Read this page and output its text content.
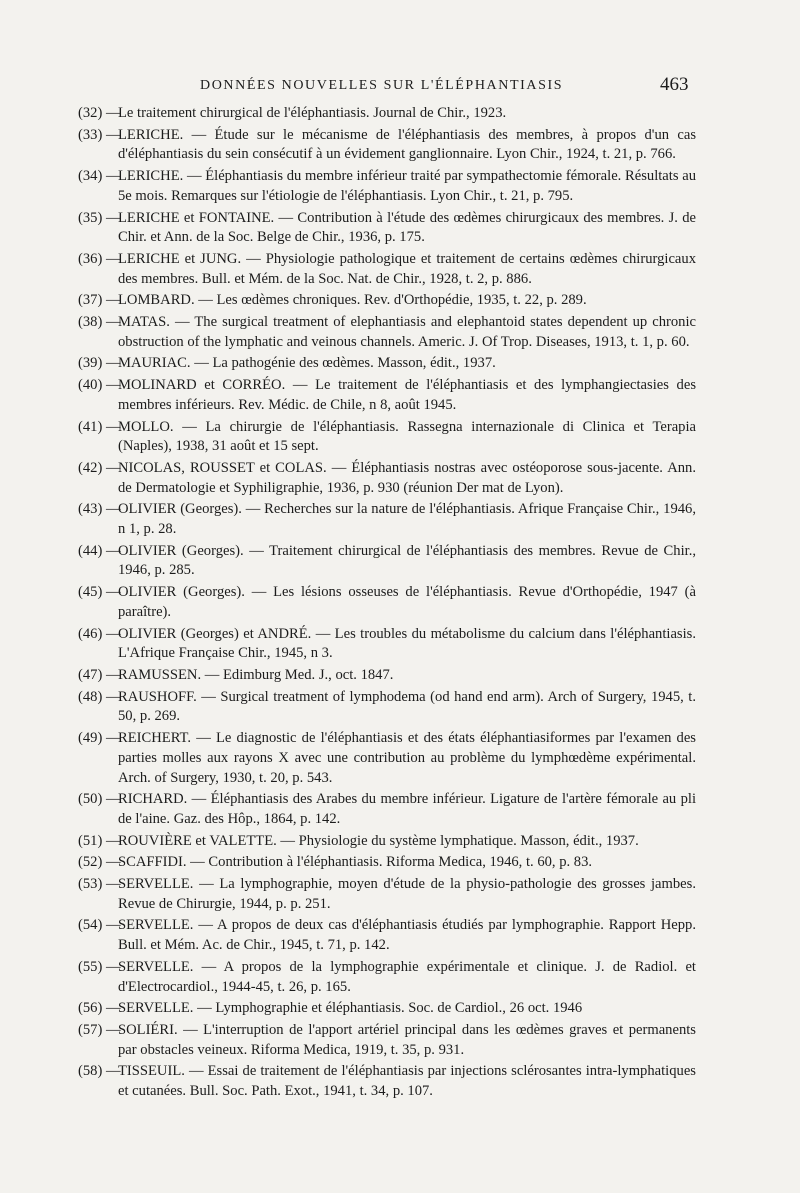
DONNÉES NOUVELLES SUR L'ÉLÉPHANTIASIS	463
(32) —
Le traitement chirurgical de l'éléphantiasis. Journal de Chir., 1923.
(33) —
LERICHE. — Étude sur le mécanisme de l'éléphantiasis des membres, à propos d'un cas d'éléphantiasis du sein consécutif à un évidement ganglionnaire. Lyon Chir., 1924, t. 21, p. 766.
(34) —
LERICHE. — Éléphantiasis du membre inférieur traité par sympathectomie fémorale. Résultats au 5e mois. Remarques sur l'étiologie de l'éléphantiasis. Lyon Chir., t. 21, p. 795.
(35) —
LERICHE et FONTAINE. — Contribution à l'étude des œdèmes chirurgicaux des membres. J. de Chir. et Ann. de la Soc. Belge de Chir., 1936, p. 175.
(36) —
LERICHE et JUNG. — Physiologie pathologique et traitement de certains œdèmes chirurgicaux des membres. Bull. et Mém. de la Soc. Nat. de Chir., 1928, t. 2, p. 886.
(37) —
LOMBARD. — Les œdèmes chroniques. Rev. d'Orthopédie, 1935, t. 22, p. 289.
(38) —
MATAS. — The surgical treatment of elephantiasis and elephantoid states dependent up chronic obstruction of the lymphatic and veinous channels. Americ. J. Of Trop. Diseases, 1913, t. 1, p. 60.
(39) —
MAURIAC. — La pathogénie des œdèmes. Masson, édit., 1937.
(40) —
MOLINARD et CORRÉO. — Le traitement de l'éléphantiasis et des lymphangiectasies des membres inférieurs. Rev. Médic. de Chile, n 8, août 1945.
(41) —
MOLLO. — La chirurgie de l'éléphantiasis. Rassegna internazionale di Clinica et Terapia (Naples), 1938, 31 août et 15 sept.
(42) —
NICOLAS, ROUSSET et COLAS. — Éléphantiasis nostras avec ostéoporose sous-jacente. Ann. de Dermatologie et Syphiligraphie, 1936, p. 930 (réunion Der mat de Lyon).
(43) —
OLIVIER (Georges). — Recherches sur la nature de l'éléphantiasis. Afrique Française Chir., 1946, n 1, p. 28.
(44) —
OLIVIER (Georges). — Traitement chirurgical de l'éléphantiasis des membres. Revue de Chir., 1946, p. 285.
(45) —
OLIVIER (Georges). — Les lésions osseuses de l'éléphantiasis. Revue d'Orthopédie, 1947 (à paraître).
(46) —
OLIVIER (Georges) et ANDRÉ. — Les troubles du métabolisme du calcium dans l'éléphantiasis. L'Afrique Française Chir., 1945, n 3.
(47) —
RAMUSSEN. — Edimburg Med. J., oct. 1847.
(48) —
RAUSHOFF. — Surgical treatment of lymphodema (od hand end arm). Arch of Surgery, 1945, t. 50, p. 269.
(49) —
REICHERT. — Le diagnostic de l'éléphantiasis et des états éléphantiasiformes par l'examen des parties molles aux rayons X avec une contribution au problème du lymphœdème expérimental. Arch. of Surgery, 1930, t. 20, p. 543.
(50) —
RICHARD. — Éléphantiasis des Arabes du membre inférieur. Ligature de l'artère fémorale au pli de l'aine. Gaz. des Hôp., 1864, p. 142.
(51) —
ROUVIÈRE et VALETTE. — Physiologie du système lymphatique. Masson, édit., 1937.
(52) —
SCAFFIDI. — Contribution à l'éléphantiasis. Riforma Medica, 1946, t. 60, p. 83.
(53) —
SERVELLE. — La lymphographie, moyen d'étude de la physio-pathologie des grosses jambes. Revue de Chirurgie, 1944, p. p. 251.
(54) —
SERVELLE. — A propos de deux cas d'éléphantiasis étudiés par lymphographie. Rapport Hepp. Bull. et Mém. Ac. de Chir., 1945, t. 71, p. 142.
(55) —
SERVELLE. — A propos de la lymphographie expérimentale et clinique. J. de Radiol. et d'Electrocardiol., 1944-45, t. 26, p. 165.
(56) —
SERVELLE. — Lymphographie et éléphantiasis. Soc. de Cardiol., 26 oct. 1946
(57) —
SOLIÉRI. — L'interruption de l'apport artériel principal dans les œdèmes graves et permanents par obstacles veineux. Riforma Medica, 1919, t. 35, p. 931.
(58) —
TISSEUIL. — Essai de traitement de l'éléphantiasis par injections sclérosantes intra-lymphatiques et cutanées. Bull. Soc. Path. Exot., 1941, t. 34, p. 107.
